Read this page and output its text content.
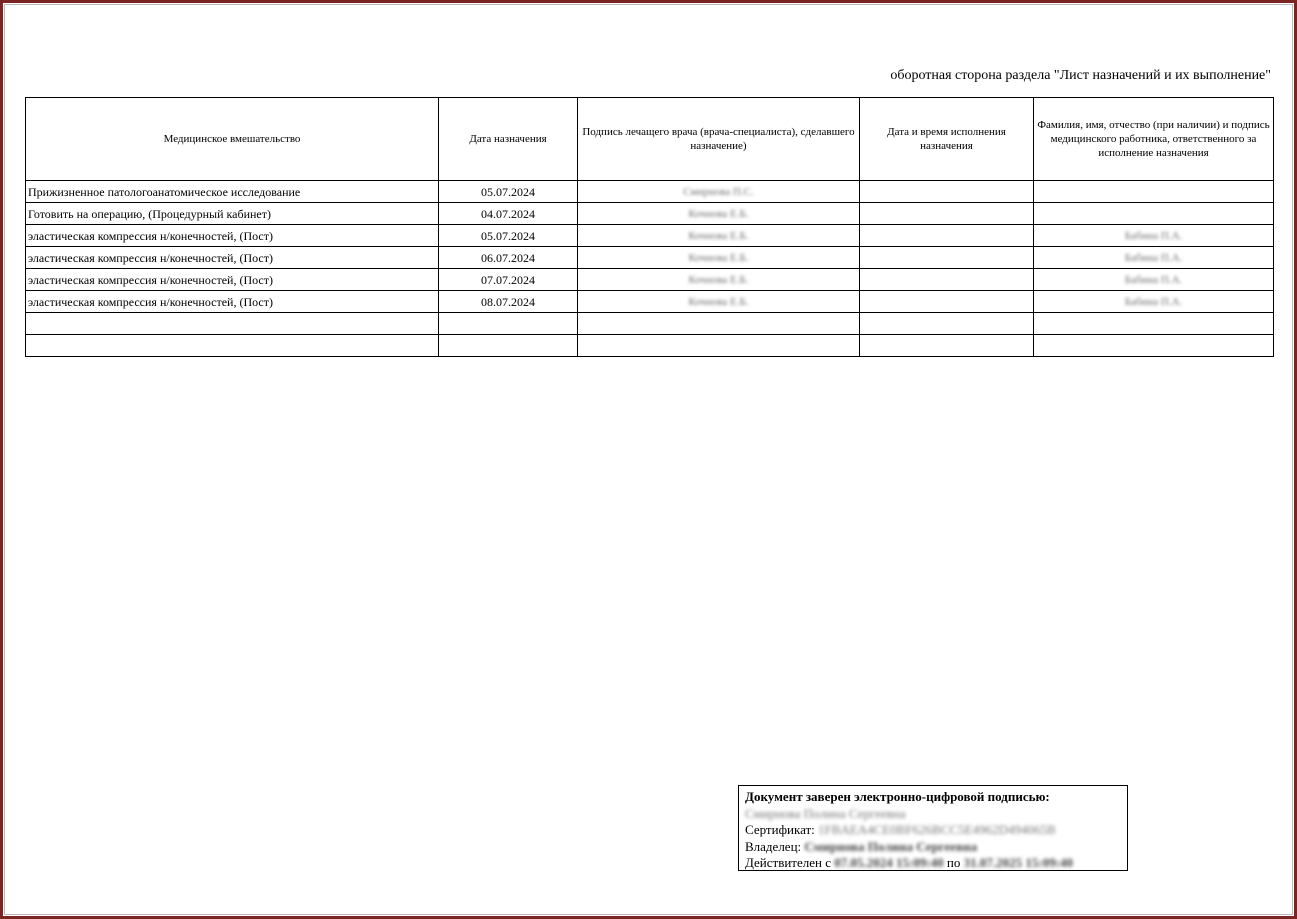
оборотная сторона раздела "Лист назначений и их выполнение"
Медицинское вмешательство	Дата назначения	Подпись лечащего врача (врача-специалиста), сделавшего назначение)	Дата и время исполнения назначения	Фамилия, имя, отчество (при наличии) и подпись медицинского работника, ответственного за исполнение назначения
Прижизненное патологоанатомическое исследование	05.07.2024	Смирнова П.С.		
Готовить на операцию, (Процедурный кабинет)	04.07.2024	Кочнова Е.Б.		
эластическая компрессия н/конечностей, (Пост)	05.07.2024	Кочнова Е.Б.		Бабина П.А.
эластическая компрессия н/конечностей, (Пост)	06.07.2024	Кочнова Е.Б.		Бабина П.А.
эластическая компрессия н/конечностей, (Пост)	07.07.2024	Кочнова Е.Б.		Бабина П.А.
эластическая компрессия н/конечностей, (Пост)	08.07.2024	Кочнова Е.Б.		Бабина П.А.

Документ заверен электронно-цифровой подписью:
Смирнова Полина Сергеевна
Сертификат: 1FBAEA4CE0BF626BCC5E4962D494065B
Владелец: Смирнова Полина Сергеевна
Действителен с 07.05.2024 15:09:40 по 31.07.2025 15:09:40
